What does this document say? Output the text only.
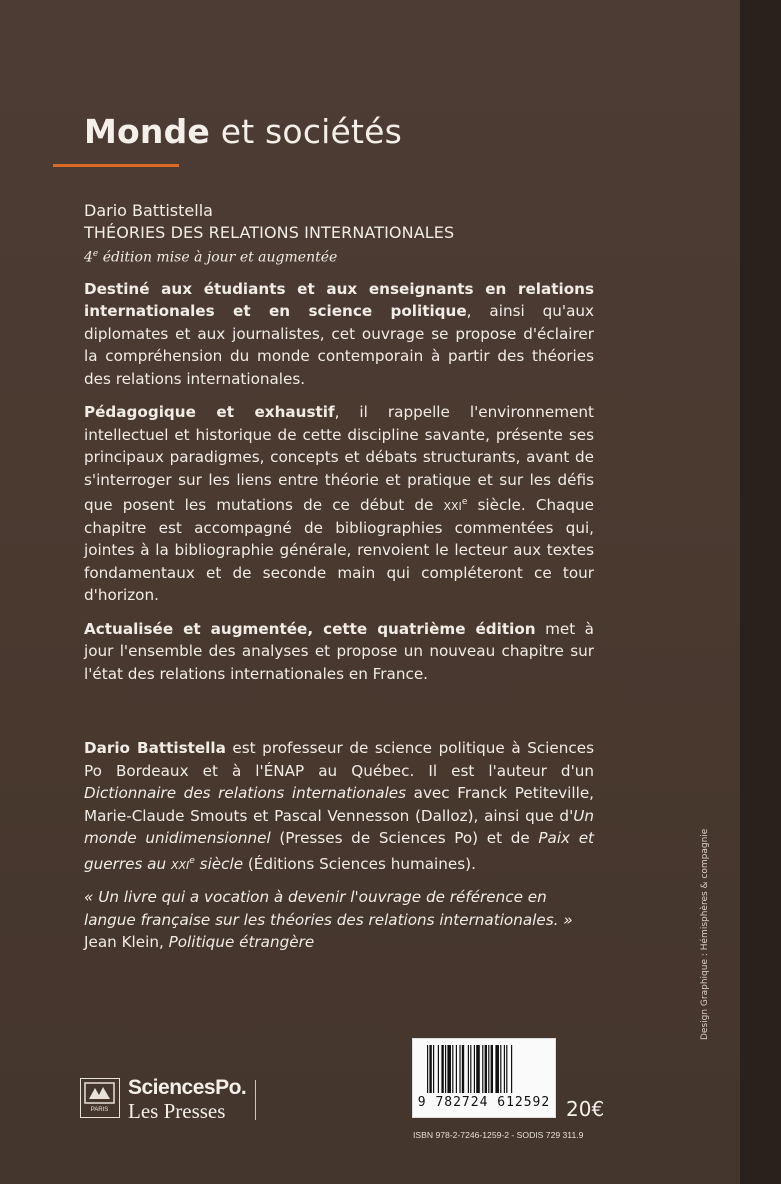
Monde et sociétés

Dario Battistella

THÉORIES DES RELATIONS INTERNATIONALES

4e édition mise à jour et augmentée

Destiné aux étudiants et aux enseignants en relations internationales et en science politique, ainsi qu'aux diplomates et aux journalistes, cet ouvrage se propose d'éclairer la compréhension du monde contemporain à partir des théories des relations internationales.

Pédagogique et exhaustif, il rappelle l'environnement intellectuel et historique de cette discipline savante, présente ses principaux paradigmes, concepts et débats structurants, avant de s'interroger sur les liens entre théorie et pratique et sur les défis que posent les mutations de ce début de xxi$^e$ siècle. Chaque chapitre est accompagné de bibliographies commentées qui, jointes à la bibliographie générale, renvoient le lecteur aux textes fondamentaux et de seconde main qui compléteront ce tour d'horizon.

Actualisée et augmentée, cette quatrième édition met à jour l'ensemble des analyses et propose un nouveau chapitre sur l'état des relations internationales en France.

Dario Battistella est professeur de science politique à Sciences Po Bordeaux et à l'ÉNAP au Québec. Il est l'auteur d'un Dictionnaire des relations internationales avec Franck Petiteville, Marie-Claude Smouts et Pascal Vennesson (Dalloz), ainsi que d'Un monde unidimensionnel (Presses de Sciences Po) et de Paix et guerres au xxi$^e$ siècle (Éditions Sciences humaines).

« Un livre qui a vocation à devenir l'ouvrage de référence en langue française sur les théories des relations internationales. »

Jean Klein, Politique étrangère	Design Graphique : Hémisphères & compagnie
PARIS
SciencesPo.
Les Presses	9 782724 612592 20€
ISBN 978-2-7246-1259-2 - SODIS 729 311.9
